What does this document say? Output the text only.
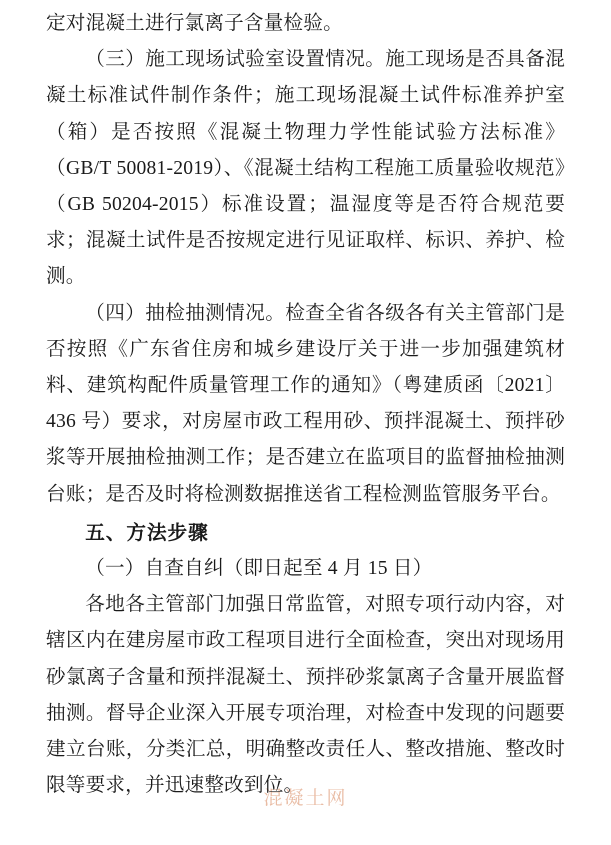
定对混凝土进行氯离子含量检验。

（三）施工现场试验室设置情况。施工现场是否具备混凝土标准试件制作条件；施工现场混凝土试件标准养护室（箱）是否按照《混凝土物理力学性能试验方法标准》（GB/T 50081-2019）、《混凝土结构工程施工质量验收规范》（GB 50204-2015）标准设置；温湿度等是否符合规范要求；混凝土试件是否按规定进行见证取样、标识、养护、检测。

（四）抽检抽测情况。检查全省各级各有关主管部门是否按照《广东省住房和城乡建设厅关于进一步加强建筑材料、建筑构配件质量管理工作的通知》（粤建质函〔2021〕436 号）要求，对房屋市政工程用砂、预拌混凝土、预拌砂浆等开展抽检抽测工作；是否建立在监项目的监督抽检抽测台账；是否及时将检测数据推送省工程检测监管服务平台。

五、方法步骤

（一）自查自纠（即日起至 4 月 15 日）

各地各主管部门加强日常监管，对照专项行动内容，对辖区内在建房屋市政工程项目进行全面检查，突出对现场用砂氯离子含量和预拌混凝土、预拌砂浆氯离子含量开展监督抽测。督导企业深入开展专项治理，对检查中发现的问题要建立台账，分类汇总，明确整改责任人、整改措施、整改时限等要求，并迅速整改到位。

混凝土网
